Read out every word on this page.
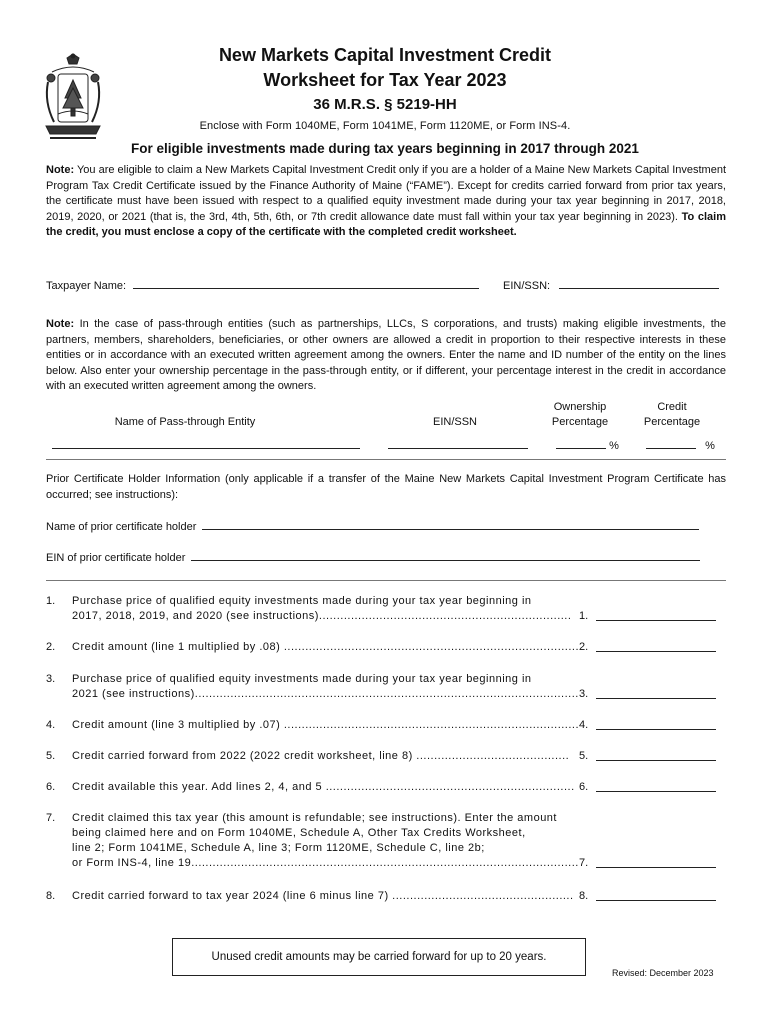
New Markets Capital Investment Credit
Worksheet for Tax Year 2023
36 M.R.S. § 5219-HH
Enclose with Form 1040ME, Form 1041ME, Form 1120ME, or Form INS-4.
For eligible investments made during tax years beginning in 2017 through 2021
Note: You are eligible to claim a New Markets Capital Investment Credit only if you are a holder of a Maine New Markets Capital Investment Program Tax Credit Certificate issued by the Finance Authority of Maine (“FAME”). Except for credits carried forward from prior tax years, the certificate must have been issued with respect to a qualified equity investment made during your tax year beginning in 2017, 2018, 2019, 2020, or 2021 (that is, the 3rd, 4th, 5th, 6th, or 7th credit allowance date must fall within your tax year beginning in 2023). To claim the credit, you must enclose a copy of the certificate with the completed credit worksheet.
Taxpayer Name:	EIN/SSN:
Note: In the case of pass-through entities (such as partnerships, LLCs, S corporations, and trusts) making eligible investments, the partners, members, shareholders, beneficiaries, or other owners are allowed a credit in proportion to their respective interests in these entities or in accordance with an executed written agreement among the owners. Enter the name and ID number of the entity on the lines below. Also enter your ownership percentage in the pass-through entity, or if different, your percentage interest in the credit in accordance with an executed written agreement among the owners.
Name of Pass-through Entity	EIN/SSN
Ownership
Percentage
Credit
Percentage
%	%
Prior Certificate Holder Information (only applicable if a transfer of the Maine New Markets Capital Investment Program Certificate has occurred; see instructions):
Name of prior certificate holder
EIN of prior certificate holder
1. Purchase price of qualified equity investments made during your tax year beginning in
2017, 2018, 2019, and 2020 (see instructions)....................................................................... 1.
2. Credit amount (line 1 multiplied by .08) ................................................................................... 2.
3. Purchase price of qualified equity investments made during your tax year beginning in
2021 (see instructions)............................................................................................................ 3.
4. Credit amount (line 3 multiplied by .07) ................................................................................... 4.
5. Credit carried forward from 2022 (2022 credit worksheet, line 8) ........................................... 5.
6. Credit available this year. Add lines 2, 4, and 5 ...................................................................... 6.
7. Credit claimed this tax year (this amount is refundable; see instructions). Enter the amount
being claimed here and on Form 1040ME, Schedule A, Other Tax Credits Worksheet,
line 2; Form 1041ME, Schedule A, line 3; Form 1120ME, Schedule C, line 2b;
or Form INS-4, line 19............................................................................................................. 7.
8. Credit carried forward to tax year 2024 (line 6 minus line 7) ................................................... 8.
Unused credit amounts may be carried forward for up to 20 years.
Revised: December 2023
